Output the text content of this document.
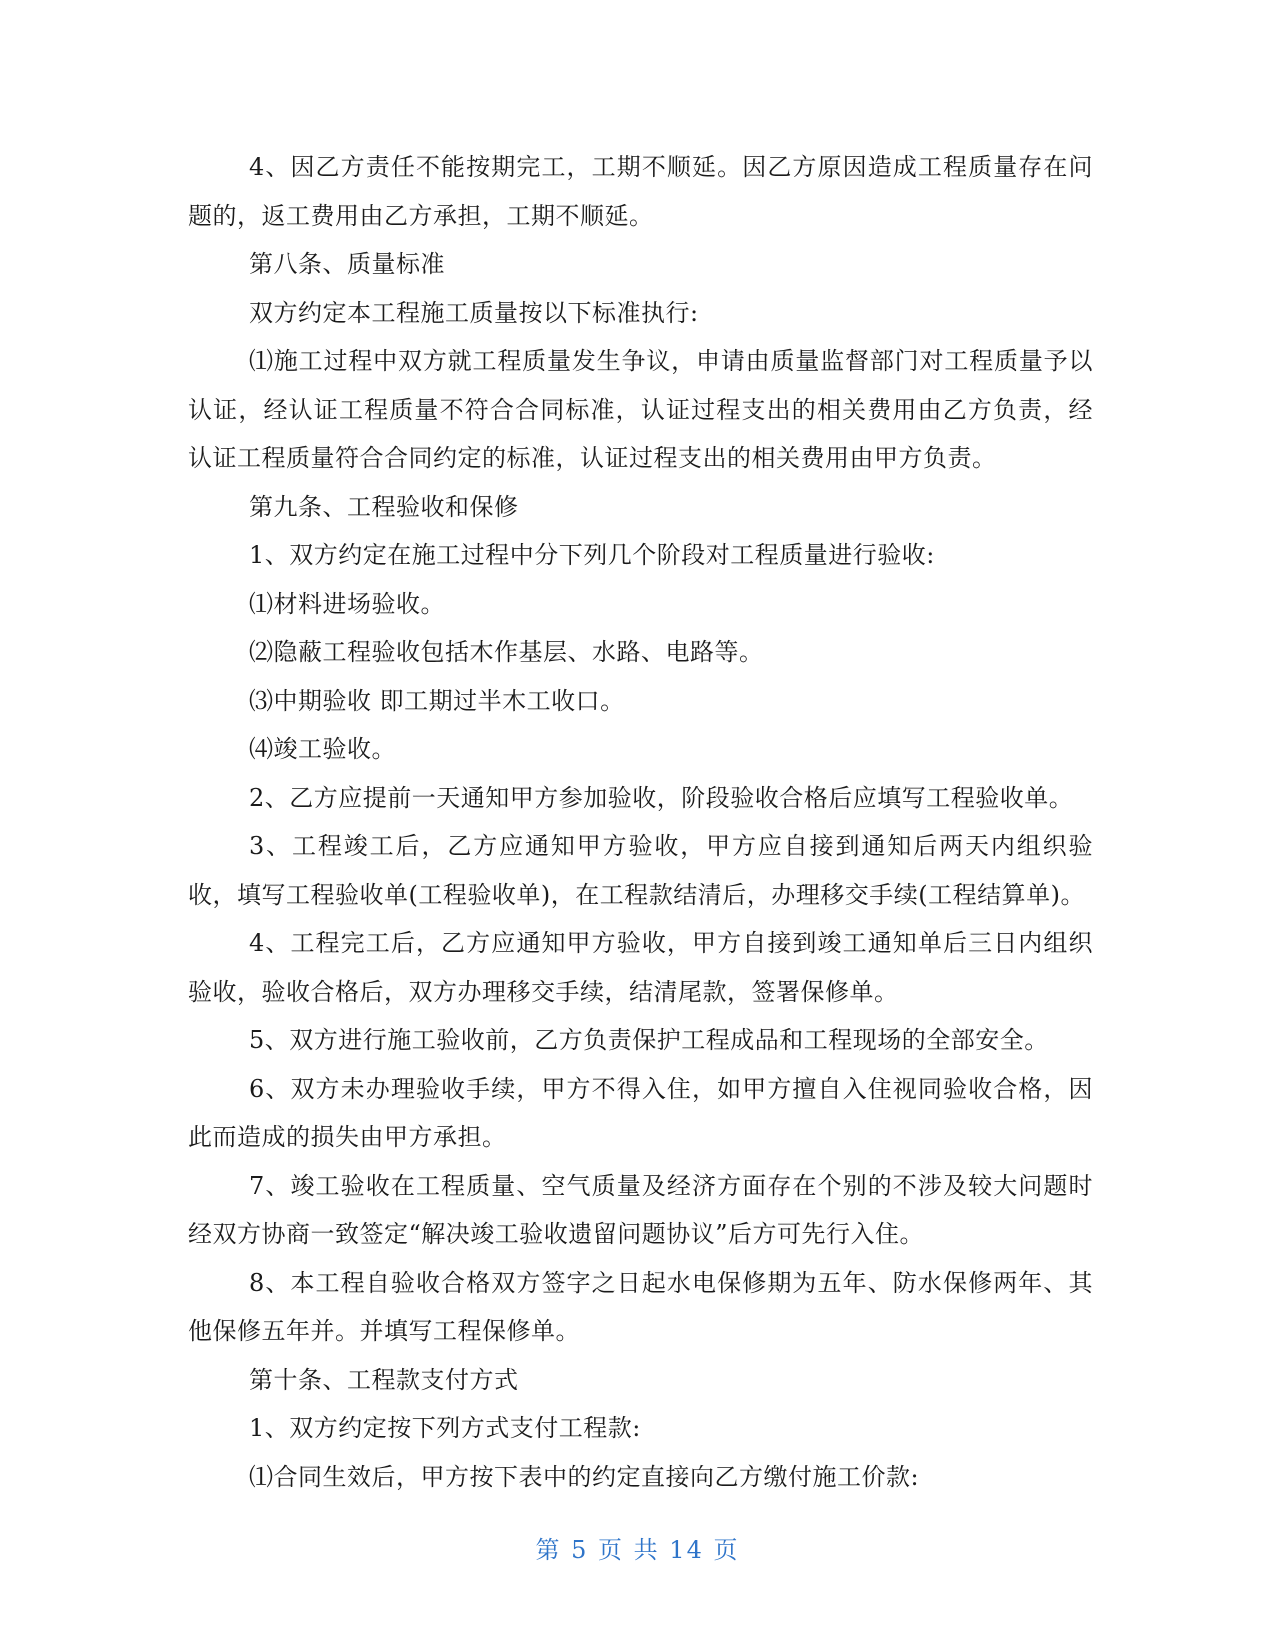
4、因乙方责任不能按期完工，工期不顺延。因乙方原因造成工程质量存在问题的，返工费用由乙方承担，工期不顺延。

第八条、质量标准

双方约定本工程施工质量按以下标准执行:

⑴施工过程中双方就工程质量发生争议，申请由质量监督部门对工程质量予以认证，经认证工程质量不符合合同标准，认证过程支出的相关费用由乙方负责，经认证工程质量符合合同约定的标准，认证过程支出的相关费用由甲方负责。

第九条、工程验收和保修

1、双方约定在施工过程中分下列几个阶段对工程质量进行验收:

⑴材料进场验收。

⑵隐蔽工程验收包括木作基层、水路、电路等。

⑶中期验收 即工期过半木工收口。

⑷竣工验收。

2、乙方应提前一天通知甲方参加验收，阶段验收合格后应填写工程验收单。

3、工程竣工后，乙方应通知甲方验收，甲方应自接到通知后两天内组织验收，填写工程验收单(工程验收单)，在工程款结清后，办理移交手续(工程结算单)。

4、工程完工后，乙方应通知甲方验收，甲方自接到竣工通知单后三日内组织验收，验收合格后，双方办理移交手续，结清尾款，签署保修单。

5、双方进行施工验收前，乙方负责保护工程成品和工程现场的全部安全。

6、双方未办理验收手续，甲方不得入住，如甲方擅自入住视同验收合格，因此而造成的损失由甲方承担。

7、竣工验收在工程质量、空气质量及经济方面存在个别的不涉及较大问题时经双方协商一致签定“解决竣工验收遗留问题协议”后方可先行入住。

8、本工程自验收合格双方签字之日起水电保修期为五年、防水保修两年、其他保修五年并。并填写工程保修单。

第十条、工程款支付方式

1、双方约定按下列方式支付工程款:

⑴合同生效后，甲方按下表中的约定直接向乙方缴付施工价款:

第 5 页 共 14 页
